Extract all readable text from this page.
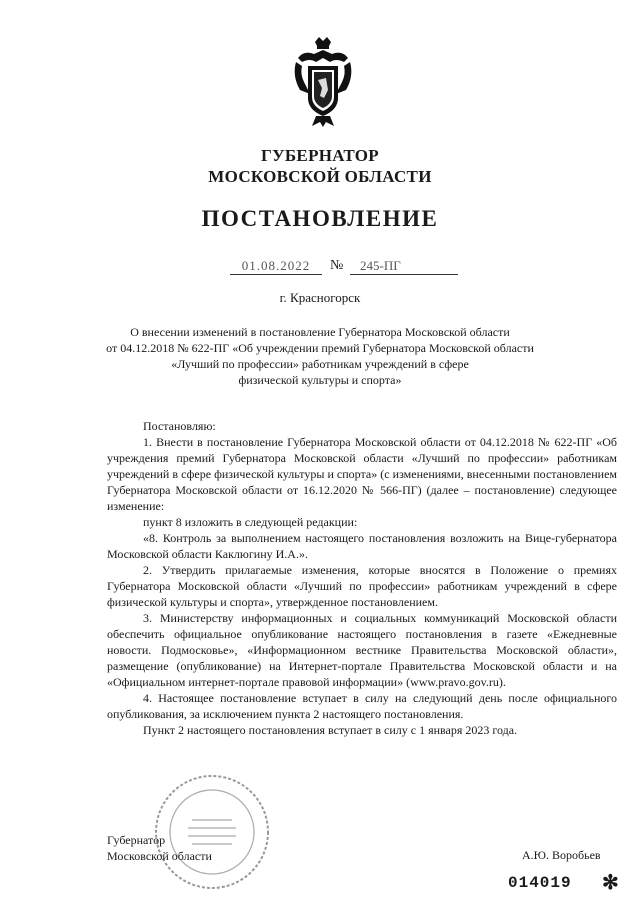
ГУБЕРНАТОР
МОСКОВСКОЙ ОБЛАСТИ
ПОСТАНОВЛЕНИЕ
01.08.2022	№	245-ПГ
г. Красногорск
О внесении изменений в постановление Губернатора Московской области
от 04.12.2018 № 622-ПГ «Об учреждении премий Губернатора Московской области
«Лучший по профессии» работникам учреждений в сфере
физической культуры и спорта»

Постановляю:

1. Внести в постановление Губернатора Московской области от 04.12.2018 № 622-ПГ «Об учреждения премий Губернатора Московской области «Лучший по профессии» работникам учреждений в сфере физической культуры и спорта» (с изменениями, внесенными постановлением Губернатора Московской области от 16.12.2020 № 566-ПГ) (далее – постановление) следующее изменение:

пункт 8 изложить в следующей редакции:

«8. Контроль за выполнением настоящего постановления возложить на Вице-губернатора Московской области Каклюгину И.А.».

2. Утвердить прилагаемые изменения, которые вносятся в Положение о премиях Губернатора Московской области «Лучший по профессии» работникам учреждений в сфере физической культуры и спорта», утвержденное постановлением.

3. Министерству информационных и социальных коммуникаций Московской области обеспечить официальное опубликование настоящего постановления в газете «Ежедневные новости. Подмосковье», «Информационном вестнике Правительства Московской области», размещение (опубликование) на Интернет-портале Правительства Московской области и на «Официальном интернет-портале правовой информации» (www.pravo.gov.ru).

4. Настоящее постановление вступает в силу на следующий день после официального опубликования, за исключением пункта 2 настоящего постановления.

Пункт 2 настоящего постановления вступает в силу с 1 января 2023 года.

Губернатор
Московской области	А.Ю. Воробьев
014019 ✻
